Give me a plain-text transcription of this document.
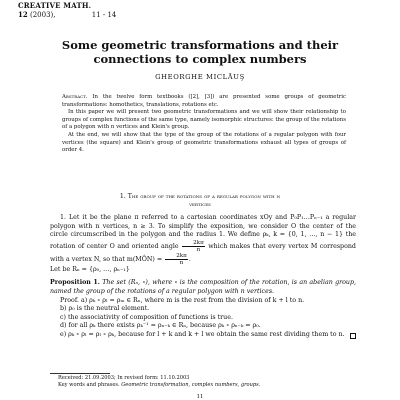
CREATIVE MATH.
12 (2003),	11 - 14
Some geometric transformations and their connections to complex numbers
GHEORGHE MICLĂUŞ

Abstract. In the twelve form textbooks ([2], [3]) are presented some groups of geometric transformations: homothetics, translations, rotations etc.

In this paper we will present two geometric transformations and we will show their relationship to groups of complex functions of the same type, namely isomorphic structures: the group of the rotations of a polygon with n vertices and Klein's group.

At the end, we will show that the type of the group of the rotations of a regular polygon with four vertices (the square) and Klein's group of geometric transformations exhaust all types of groups of order 4.

1. The group of the rotations of a regular polygon with n
vertices

1. Let it be the plane π referred to a cartesian coordinates xOy and P₀P₁…Pₙ₋₁ a regular polygon with n vertices, n ≥ 3. To simplify the exposition, we consider O the center of the circle circumscribed in the polygon and the radius 1. We define ρₖ, k = {0, 1, …, n − 1} the rotation of center O and oriented angle $\frac{2k\pi}{n}$ which makes that every vertex M correspond with a vertex N, so that m(MÔN) = $\frac{2k\pi}{n}$ .

Let be Rₙ = {ρ₀, …, ρₙ₋₁}

Proposition 1. The set (Rₙ, ∘), where ∘ is the composition of the rotation, is an abelian group, named the group of the rotations of a regular polygon with n vertices.

Proof. a) ρₖ ∘ ρₗ = ρₘ ∈ Rₙ, where m is the rest from the division of k + l to n.

b) ρ₀ is the neutral element.

c) the associativity of composition of functions is true.

d) for all ρₖ there exists ρₖ⁻¹ = ρₙ₋ₖ ∈ Rₙ, because ρₖ ∘ ρₙ₋ₖ = ρ₀.

e) ρₖ ∘ ρₗ = ρₗ ∘ ρₖ, because for l + k and k + l we obtain the same rest dividing them to n.

Received: 21.09.2003; In revised form: 11.10.2003

Key words and phrases. Geometric transformation, complex numbers, groups.

11
